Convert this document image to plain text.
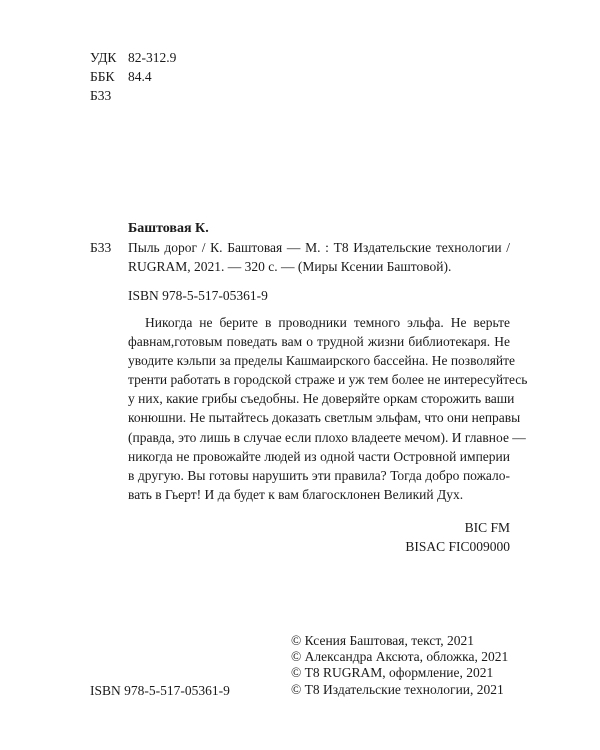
УДК 82-312.9
ББК 84.4
Б33
Баштовая К.
Б33 Пыль дорог / К. Баштовая — М. : Т8 Издательские технологии / RUGRAM, 2021. — 320 с. — (Миры Ксении Баштовой).
ISBN 978-5-517-05361-9
Никогда не берите в проводники темного эльфа. Не верьте
фавнам,готовым поведать вам о трудной жизни библиотекаря. Не
уводите кэльпи за пределы Кашмаирского бассейна. Не позволяйте
тренти работать в городской страже и уж тем более не интересуйтесь
у них, какие грибы съедобны. Не доверяйте оркам сторожить ваши
конюшни. Не пытайтесь доказать светлым эльфам, что они неправы
(правда, это лишь в случае если плохо владеете мечом). И главное —
никогда не провожайте людей из одной части Островной империи
в другую. Вы готовы нарушить эти правила? Тогда добро пожало-
вать в Гьерт! И да будет к вам благосклонен Великий Дух.
BIC FM
BISAC FIC009000
ISBN 978-5-517-05361-9
© Ксения Баштовая, текст, 2021
© Александра Аксюта, обложка, 2021
© Т8 RUGRAM, оформление, 2021
© Т8 Издательские технологии, 2021
